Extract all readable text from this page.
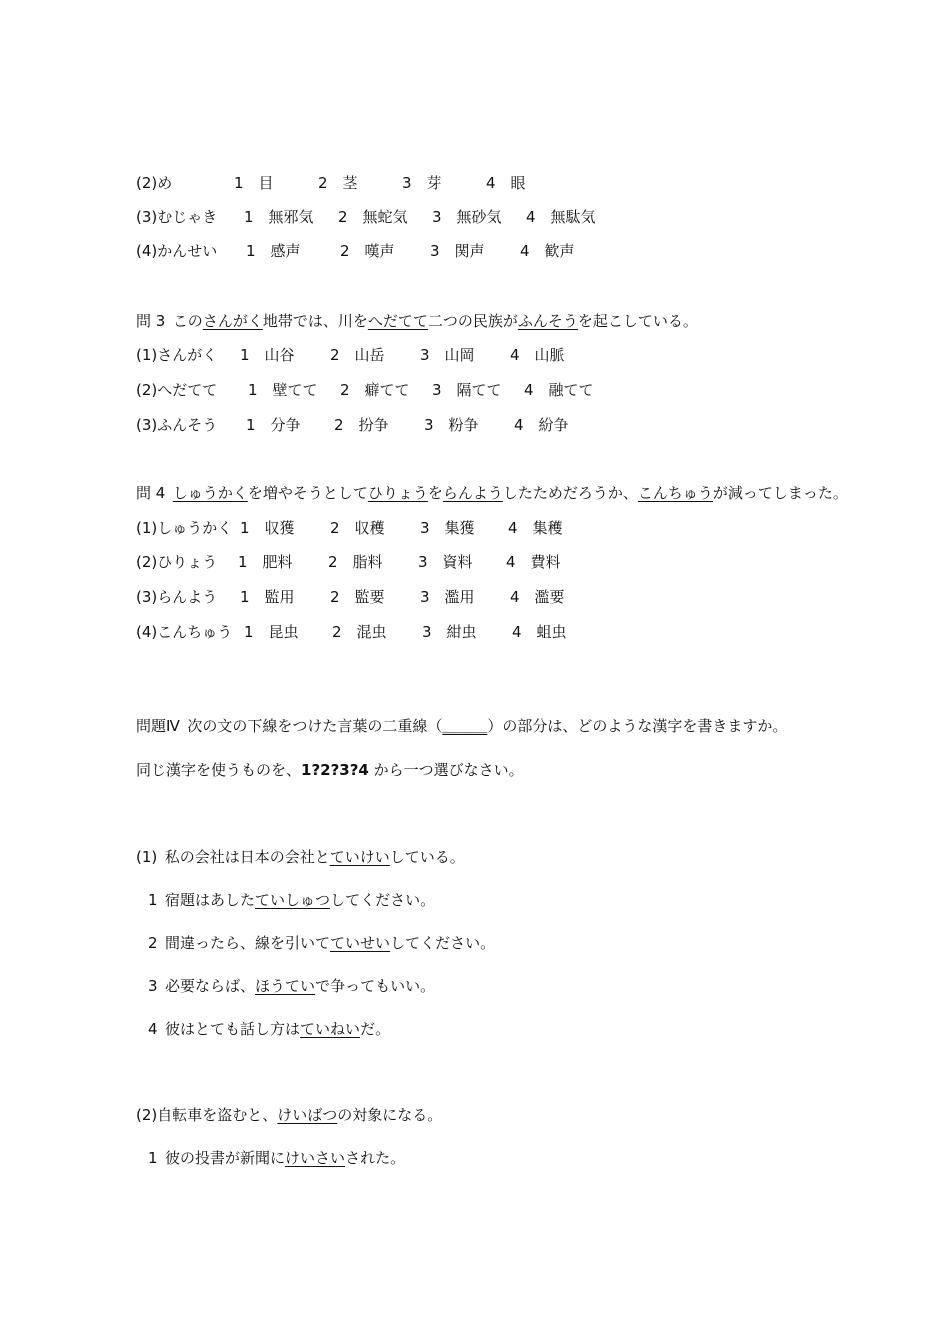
(2)め	1 目	2 茎	3 芽	4 眼
(3)むじゃき 1 無邪気 2 無蛇気 3 無砂気 4 無駄気
(4)かんせい 1 感声	2 嘆声 3 関声 4 歓声
問 3 このさんがく地帯では、川をへだてて二つの民族がふんそうを起こしている。
(1)さんがく 1 山谷 2 山岳 3 山岡 4 山脈
(2)へだてて 1 壁てて 2 癖てて 3 隔てて 4 融てて
(3)ふんそう 1 分争 2 扮争 3 粉争 4 紛争
問 4 しゅうかくを増やそうとしてひりょうをらんようしたためだろうか、こんちゅうが減ってしまった。
(1)しゅうかく 1 収獲 2 収穫 3 集獲 4 集穫
(2)ひりょう 1 肥料 2 脂料 3 資料 4 費料
(3)らんよう 1 監用 2 監要 3 濫用 4 濫要
(4)こんちゅう 1 昆虫 2 混虫 3 紺虫 4 蛆虫
問題Ⅳ 次の文の下線をつけた言葉の二重線（＿＿＿）の部分は、どのような漢字を書きますか。
同じ漢字を使うものを、1?2?3?4 から一つ選びなさい。
(1) 私の会社は日本の会社とていけいしている。
1 宿題はあしたていしゅつしてください。
2 間違ったら、線を引いてていせいしてください。
3 必要ならば、ほうていで争ってもいい。
4 彼はとても話し方はていねいだ。
(2)自転車を盗むと、けいばつの対象になる。
1 彼の投書が新聞にけいさいされた。
